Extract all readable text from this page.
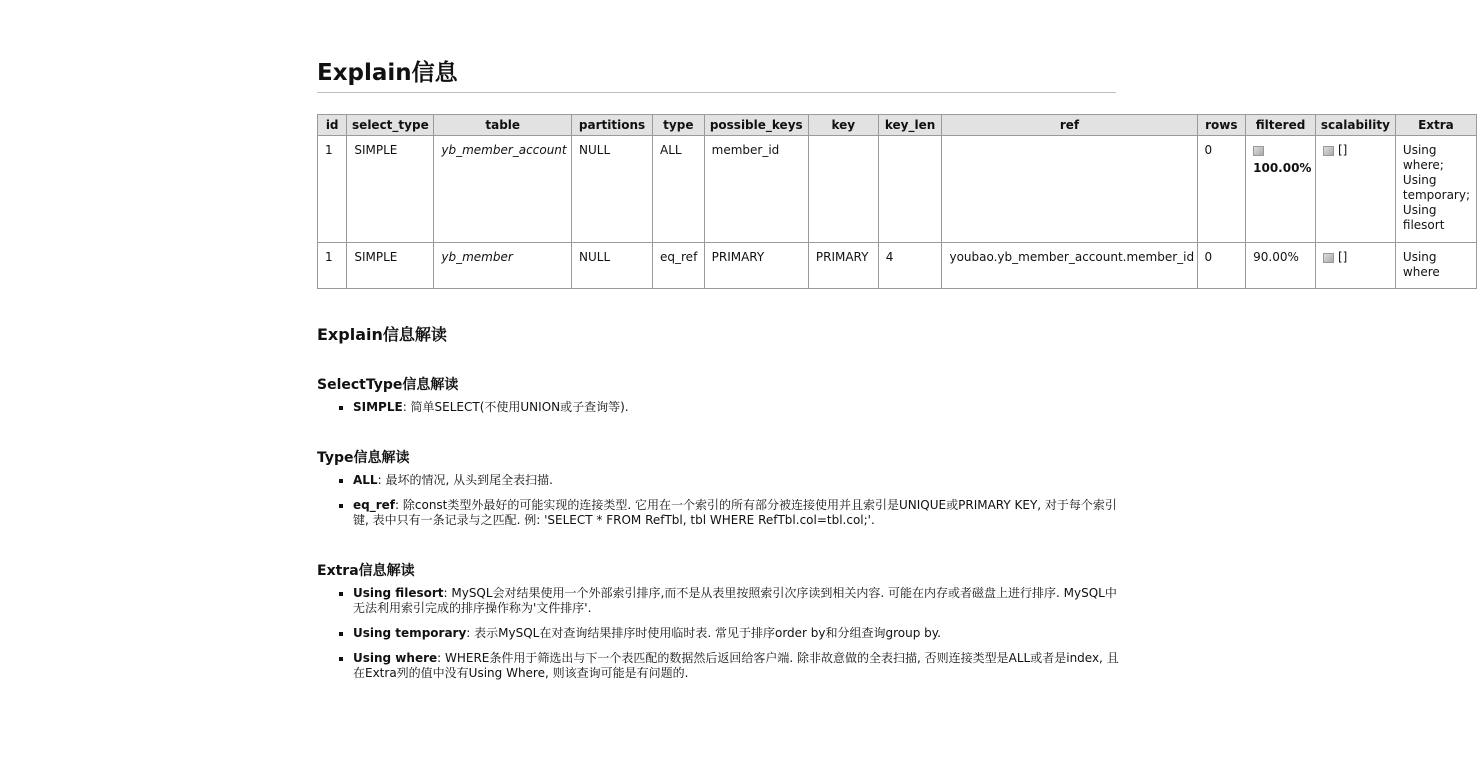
Explain信息
id	select_type	table	partitions	type	possible_keys	key	key_len	ref	rows	filtered	scalability	Extra
1	SIMPLE	yb_member_account	NULL	ALL	member_id				0	100.00%	[]	Using where; Using temporary; Using filesort
1	SIMPLE	yb_member	NULL	eq_ref	PRIMARY	PRIMARY	4	youbao.yb_member_account.member_id	0	90.00%	[]	Using where
Explain信息解读
SelectType信息解读
▪ SIMPLE: 简单SELECT(不使用UNION或子查询等).
Type信息解读
▪ ALL: 最坏的情况, 从头到尾全表扫描.
▪ eq_ref: 除const类型外最好的可能实现的连接类型. 它用在一个索引的所有部分被连接使用并且索引是UNIQUE或PRIMARY KEY, 对于每个索引键, 表中只有一条记录与之匹配. 例: 'SELECT * FROM RefTbl, tbl WHERE RefTbl.col=tbl.col;'.
Extra信息解读
▪ Using filesort: MySQL会对结果使用一个外部索引排序,而不是从表里按照索引次序读到相关内容. 可能在内存或者磁盘上进行排序. MySQL中无法利用索引完成的排序操作称为'文件排序'.
▪ Using temporary: 表示MySQL在对查询结果排序时使用临时表. 常见于排序order by和分组查询group by.
▪ Using where: WHERE条件用于筛选出与下一个表匹配的数据然后返回给客户端. 除非故意做的全表扫描, 否则连接类型是ALL或者是index, 且在Extra列的值中没有Using Where, 则该查询可能是有问题的.
